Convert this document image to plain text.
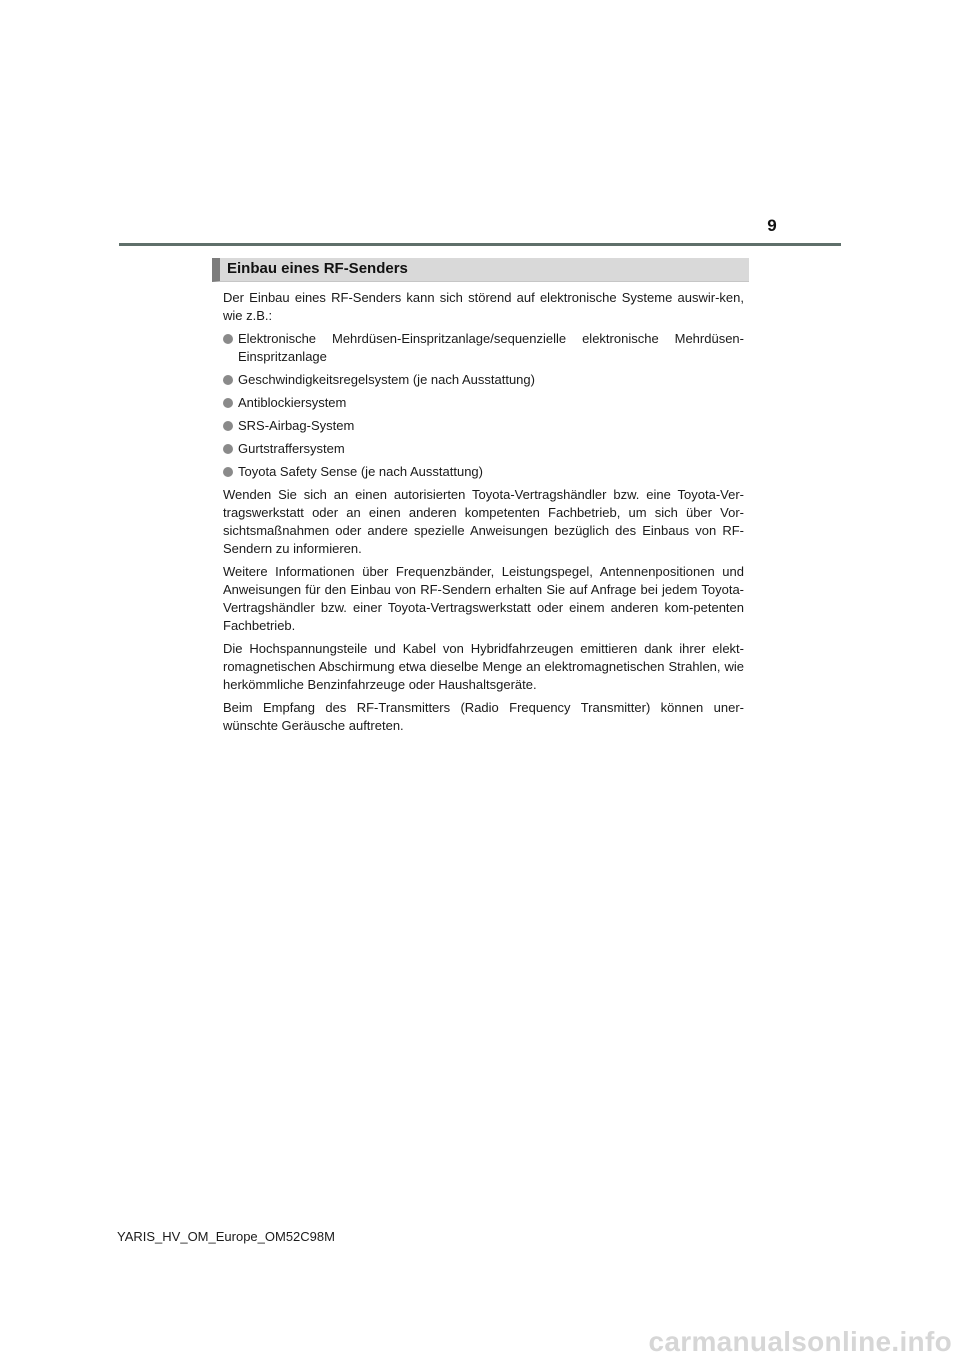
9
Einbau eines RF-Senders

Der Einbau eines RF-Senders kann sich störend auf elektronische Systeme auswir-ken, wie z.B.:

Elektronische Mehrdüsen-Einspritzanlage/sequenzielle elektronische Mehrdüsen-Einspritzanlage
Geschwindigkeitsregelsystem (je nach Ausstattung)
Antiblockiersystem
SRS-Airbag-System
Gurtstraffersystem
Toyota Safety Sense (je nach Ausstattung)

Wenden Sie sich an einen autorisierten Toyota-Vertragshändler bzw. eine Toyota-Ver-tragswerkstatt oder an einen anderen kompetenten Fachbetrieb, um sich über Vor-sichtsmaßnahmen oder andere spezielle Anweisungen bezüglich des Einbaus von RF-Sendern zu informieren.

Weitere Informationen über Frequenzbänder, Leistungspegel, Antennenpositionen und Anweisungen für den Einbau von RF-Sendern erhalten Sie auf Anfrage bei jedem Toyota-Vertragshändler bzw. einer Toyota-Vertragswerkstatt oder einem anderen kom-petenten Fachbetrieb.

Die Hochspannungsteile und Kabel von Hybridfahrzeugen emittieren dank ihrer elekt-romagnetischen Abschirmung etwa dieselbe Menge an elektromagnetischen Strahlen, wie herkömmliche Benzinfahrzeuge oder Haushaltsgeräte.

Beim Empfang des RF-Transmitters (Radio Frequency Transmitter) können uner-wünschte Geräusche auftreten.

YARIS_HV_OM_Europe_OM52C98M
carmanualsonline.info
